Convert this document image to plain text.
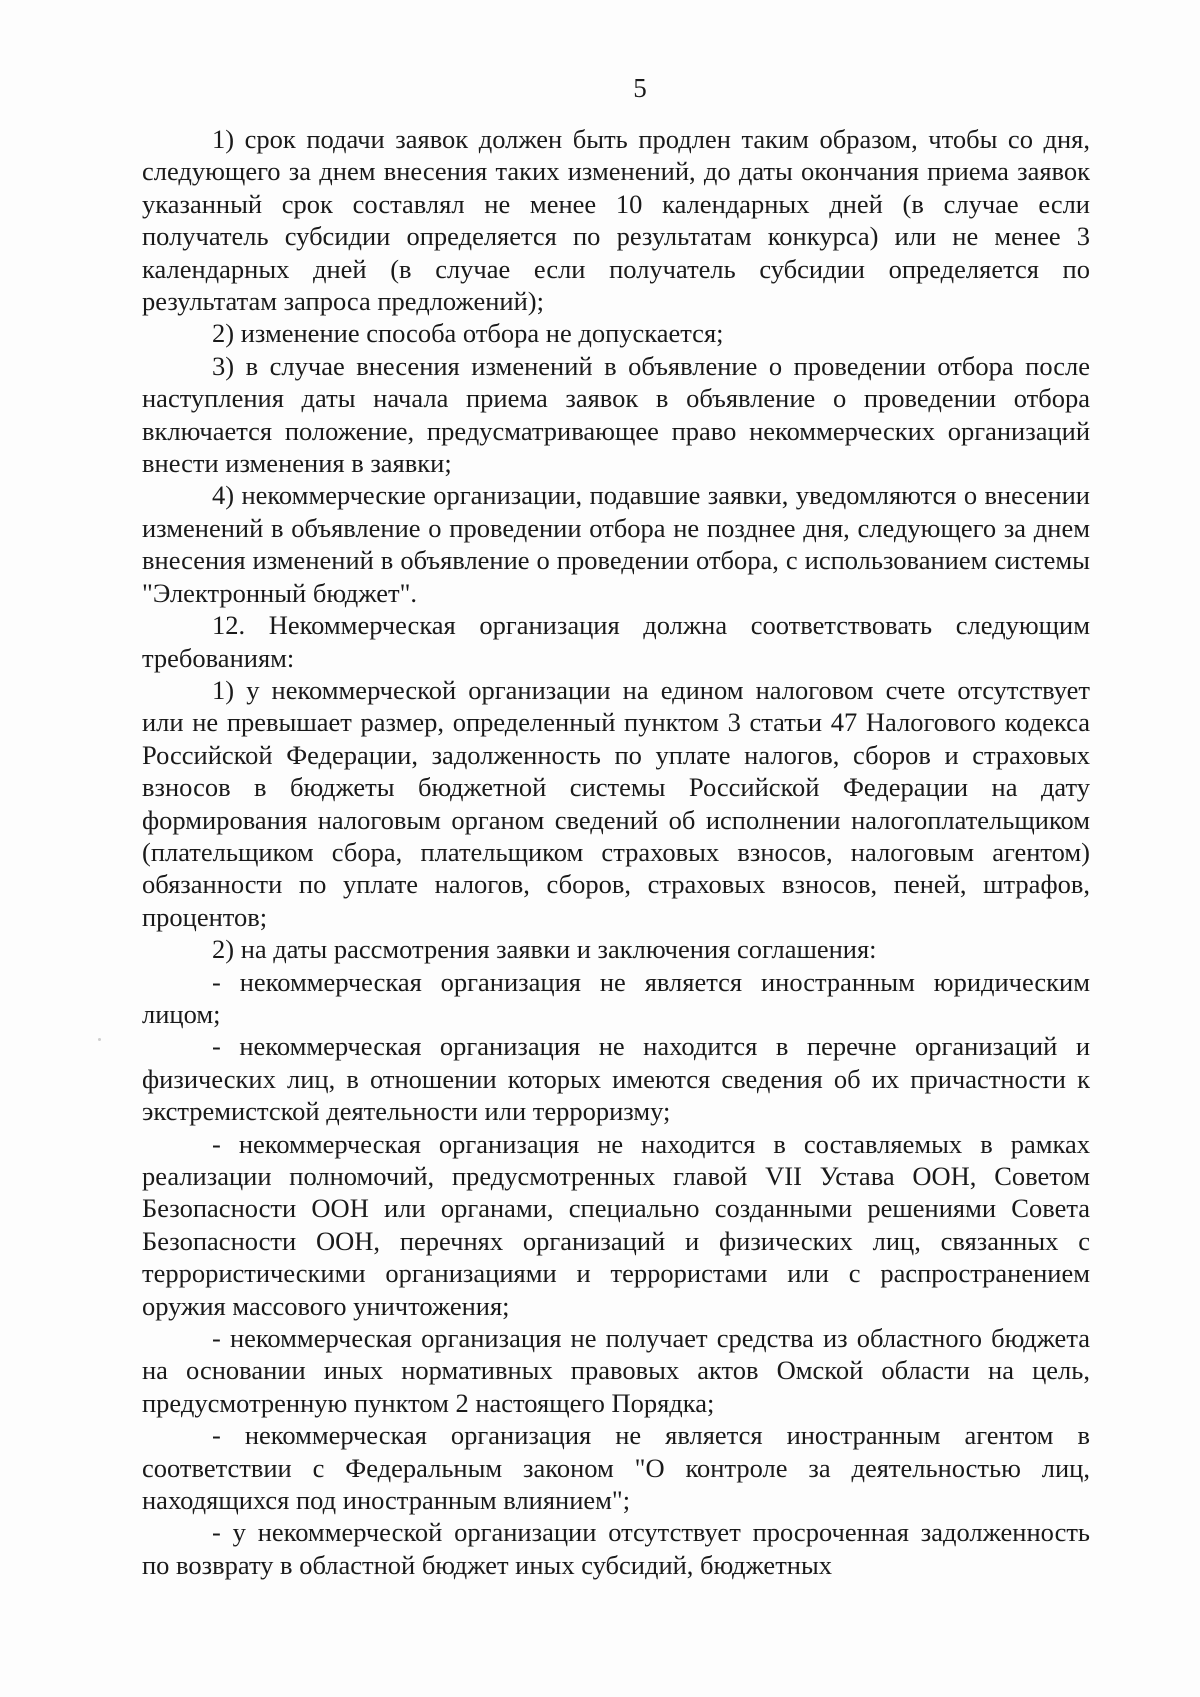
5

1) срок подачи заявок должен быть продлен таким образом, чтобы со дня, следующего за днем внесения таких изменений, до даты окончания приема заявок указанный срок составлял не менее 10 календарных дней (в случае если получатель субсидии определяется по результатам конкурса) или не менее 3 календарных дней (в случае если получатель субсидии определяется по результатам запроса предложений);

2) изменение способа отбора не допускается;

3) в случае внесения изменений в объявление о проведении отбора после наступления даты начала приема заявок в объявление о проведении отбора включается положение, предусматривающее право некоммерческих организаций внести изменения в заявки;

4) некоммерческие организации, подавшие заявки, уведомляются о внесении изменений в объявление о проведении отбора не позднее дня, следующего за днем внесения изменений в объявление о проведении отбора, с использованием системы "Электронный бюджет".

12. Некоммерческая организация должна соответствовать следующим требованиям:

1) у некоммерческой организации на едином налоговом счете отсутствует или не превышает размер, определенный пунктом 3 статьи 47 Налогового кодекса Российской Федерации, задолженность по уплате налогов, сборов и страховых взносов в бюджеты бюджетной системы Российской Федерации на дату формирования налоговым органом сведений об исполнении налогоплательщиком (плательщиком сбора, плательщиком страховых взносов, налоговым агентом) обязанности по уплате налогов, сборов, страховых взносов, пеней, штрафов, процентов;

2) на даты рассмотрения заявки и заключения соглашения:

- некоммерческая организация не является иностранным юридическим лицом;

- некоммерческая организация не находится в перечне организаций и физических лиц, в отношении которых имеются сведения об их причастности к экстремистской деятельности или терроризму;

- некоммерческая организация не находится в составляемых в рамках реализации полномочий, предусмотренных главой VII Устава ООН, Советом Безопасности ООН или органами, специально созданными решениями Совета Безопасности ООН, перечнях организаций и физических лиц, связанных с террористическими организациями и террористами или с распространением оружия массового уничтожения;

- некоммерческая организация не получает средства из областного бюджета на основании иных нормативных правовых актов Омской области на цель, предусмотренную пунктом 2 настоящего Порядка;

- некоммерческая организация не является иностранным агентом в соответствии с Федеральным законом "О контроле за деятельностью лиц, находящихся под иностранным влиянием";

- у некоммерческой организации отсутствует просроченная задолженность по возврату в областной бюджет иных субсидий, бюджетных
